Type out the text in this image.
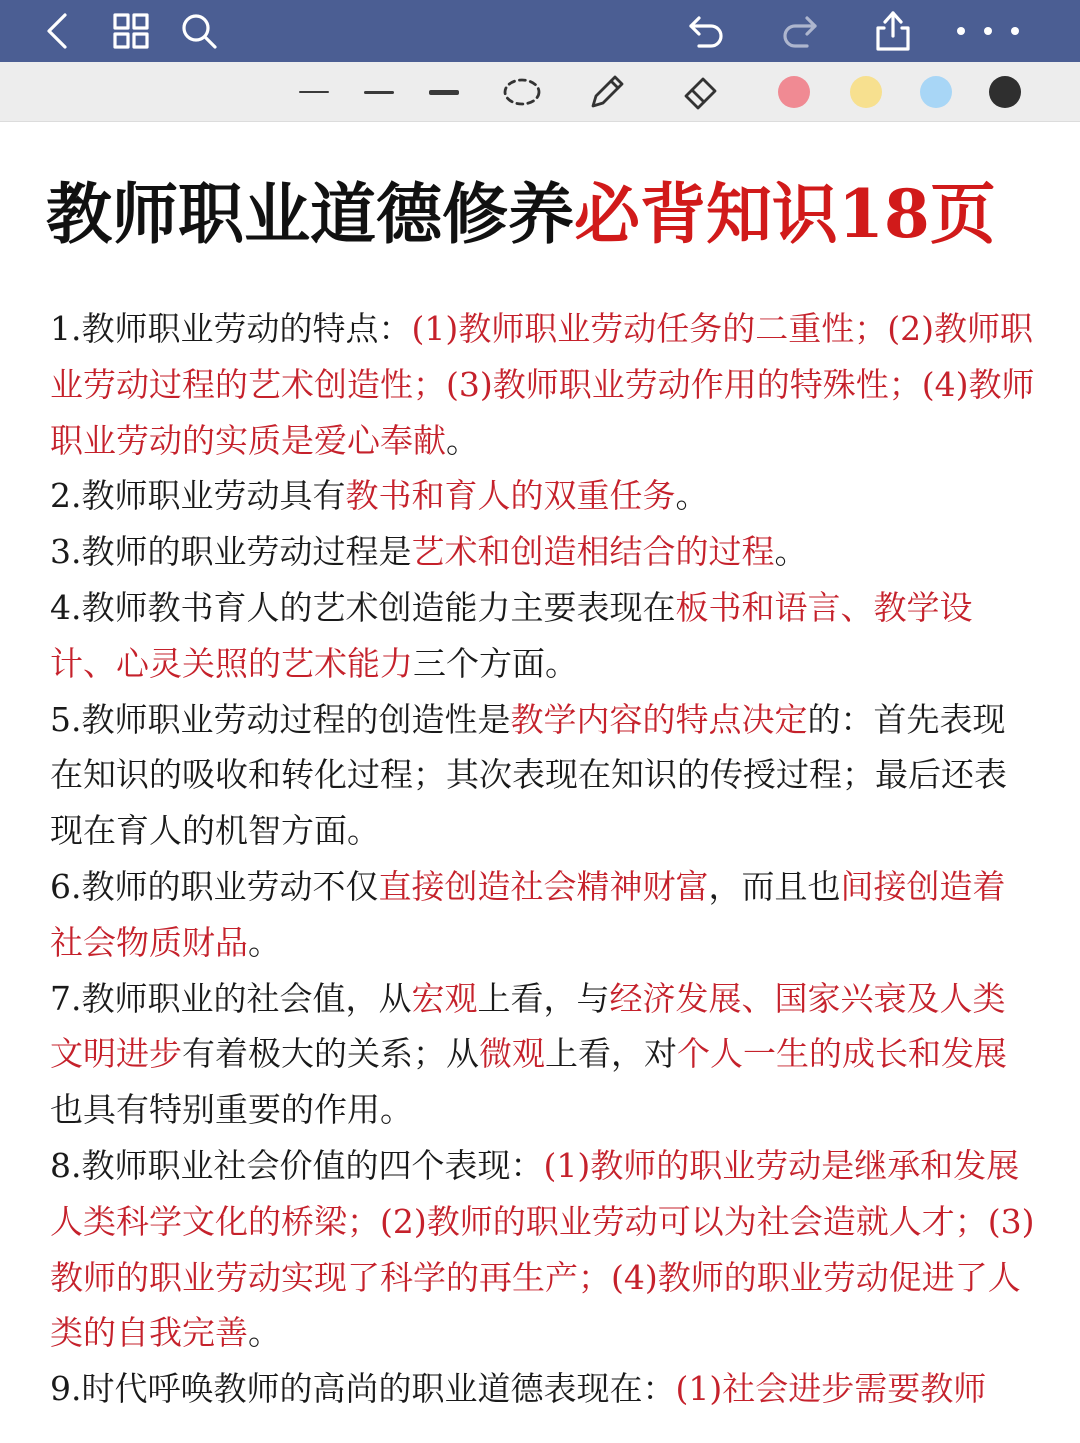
教师职业道德修养必背知识18页

1.教师职业劳动的特点：(1)教师职业劳动任务的二重性；(2)教师职业劳动过程的艺术创造性；(3)教师职业劳动作用的特殊性；(4)教师职业劳动的实质是爱心奉献。

2.教师职业劳动具有教书和育人的双重任务。

3.教师的职业劳动过程是艺术和创造相结合的过程。

4.教师教书育人的艺术创造能力主要表现在板书和语言、教学设计、心灵关照的艺术能力三个方面。

5.教师职业劳动过程的创造性是教学内容的特点决定的：首先表现在知识的吸收和转化过程；其次表现在知识的传授过程；最后还表现在育人的机智方面。

6.教师的职业劳动不仅直接创造社会精神财富，而且也间接创造着社会物质财品。

7.教师职业的社会值，从宏观上看，与经济发展、国家兴衰及人类文明进步有着极大的关系；从微观上看，对个人一生的成长和发展也具有特别重要的作用。

8.教师职业社会价值的四个表现：(1)教师的职业劳动是继承和发展人类科学文化的桥梁；(2)教师的职业劳动可以为社会造就人才；(3)教师的职业劳动实现了科学的再生产；(4)教师的职业劳动促进了人类的自我完善。

9.时代呼唤教师的高尚的职业道德表现在：(1)社会进步需要教师
